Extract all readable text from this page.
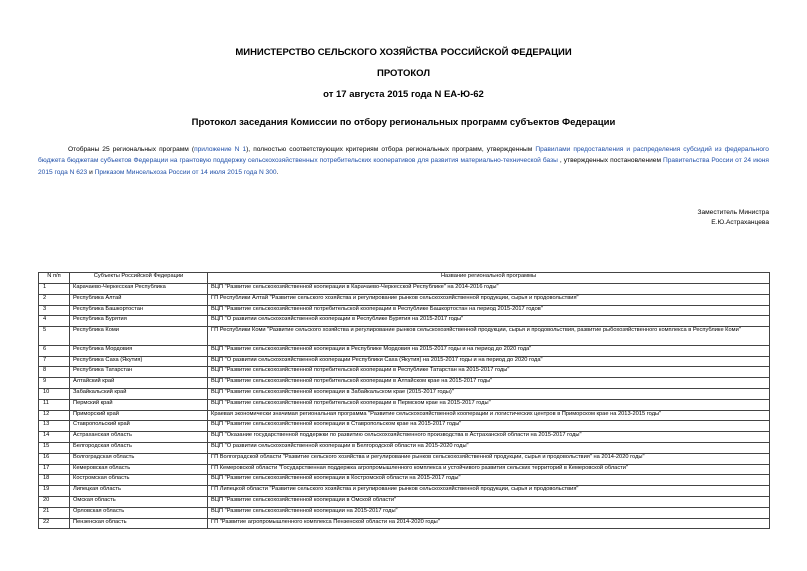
МИНИСТЕРСТВО СЕЛЬСКОГО ХОЗЯЙСТВА РОССИЙСКОЙ ФЕДЕРАЦИИ
ПРОТОКОЛ
от 17 августа 2015 года N ЕА-Ю-62
Протокол заседания Комиссии по отбору региональных программ субъектов Федерации
Отобраны 25 региональных программ (приложение N 1), полностью соответствующих критериям отбора региональных программ, утвержденным Правилами предоставления и распределения субсидий из федерального бюджета бюджетам субъектов Федерации на грантовую поддержку сельскохозяйственных потребительских кооперативов для развития материально-технической базы , утвержденных постановлением Правительства России от 24 июня 2015 года N 623 и Приказом Минсельхоза России от 14 июля 2015 года N 300.
Заместитель Министра
Е.Ю.Астраханцева
N п/п	Субъекты Российской Федерации	Название региональной программы
1	Карачаево-Черкесская Республика	ВЦП "Развитие сельскохозяйственной кооперации в Карачаево-Черкесской Республике" на 2014-2016 годы"
2	Республика Алтай	ГП Республики Алтай "Развитие сельского хозяйства и регулирование рынков сельскохозяйственной продукции, сырья и продовольствия"
3	Республика Башкортостан	ВЦП "Развитие сельскохозяйственной потребительской кооперации в Республике Башкортостан на период 2015-2017 годов"
4	Республика Бурятия	ВЦП "О развитии сельскохозяйственной кооперации в Республике Бурятия на 2015-2017 годы"
5	Республика Коми	ГП Республики Коми "Развитие сельского хозяйства и регулирование рынков сельскохозяйственной продукции, сырья и продовольствия, развитие рыбохозяйственного комплекса в Республике Коми"
6	Республика Мордовия	ВЦП "Развитие сельскохозяйственной кооперации в Республике Мордовия на 2015-2017 годы и на период до 2020 года"
7	Республика Саха (Якутия)	ВЦП "О развитии сельскохозяйственной кооперации Республики Саха (Якутия) на 2015-2017 годы и на период до 2020 года"
8	Республика Татарстан	ВЦП "Развитие сельскохозяйственной потребительской кооперации в Республике Татарстан на 2015-2017 годы"
9	Алтайский край	ВЦП "Развитие сельскохозяйственной потребительской кооперации в Алтайском крае на 2015-2017 годы"
10	Забайкальский край	ВЦП "Развитие сельскохозяйственной кооперации в Забайкальском крае (2015-2017 годы)"
11	Пермский край	ВЦП "Развитие сельскохозяйственной потребительской кооперации в Пермском крае на 2015-2017 годы"
12	Приморский край	Краевая экономически значимая региональная программа "Развитие сельскохозяйственной кооперации и логистических центров в Приморском крае на 2013-2015 годы"
13	Ставропольский край	ВЦП "Развитие сельскохозяйственной кооперации в Ставропольском крае на 2015-2017 годы"
14	Астраханская область	ВЦП "Оказание государственной поддержки по развитию сельскохозяйственного производства в Астраханской области на 2015-2017 годы"
15	Белгородская область	ВЦП "О развитии сельскохозяйственной кооперации в Белгородской области на 2015-2020 годы"
16	Волгоградская область	ГП Волгоградской области "Развитие сельского хозяйства и регулирование рынков сельскохозяйственной продукции, сырья и продовольствия" на 2014-2020 годы"
17	Кемеровская область	ГП Кемеровской области "Государственная поддержка агропромышленного комплекса и устойчивого развития сельских территорий в Кемеровской области"
18	Костромская область	ВЦП "Развитие сельскохозяйственной кооперации в Костромской области на 2015-2017 годы"
19	Липецкая область	ГП Липецкой области "Развитие сельского хозяйства и регулирование рынков сельскохозяйственной продукции, сырья и продовольствия"
20	Омская область	ВЦП "Развитие сельскохозяйственной кооперации в Омской области"
21	Орловская область	ВЦП "Развитие сельскохозяйственной кооперации на 2015-2017 годы"
22	Пензенская область	ГП "Развитие агропромышленного комплекса Пензенской области на 2014-2020 годы"
